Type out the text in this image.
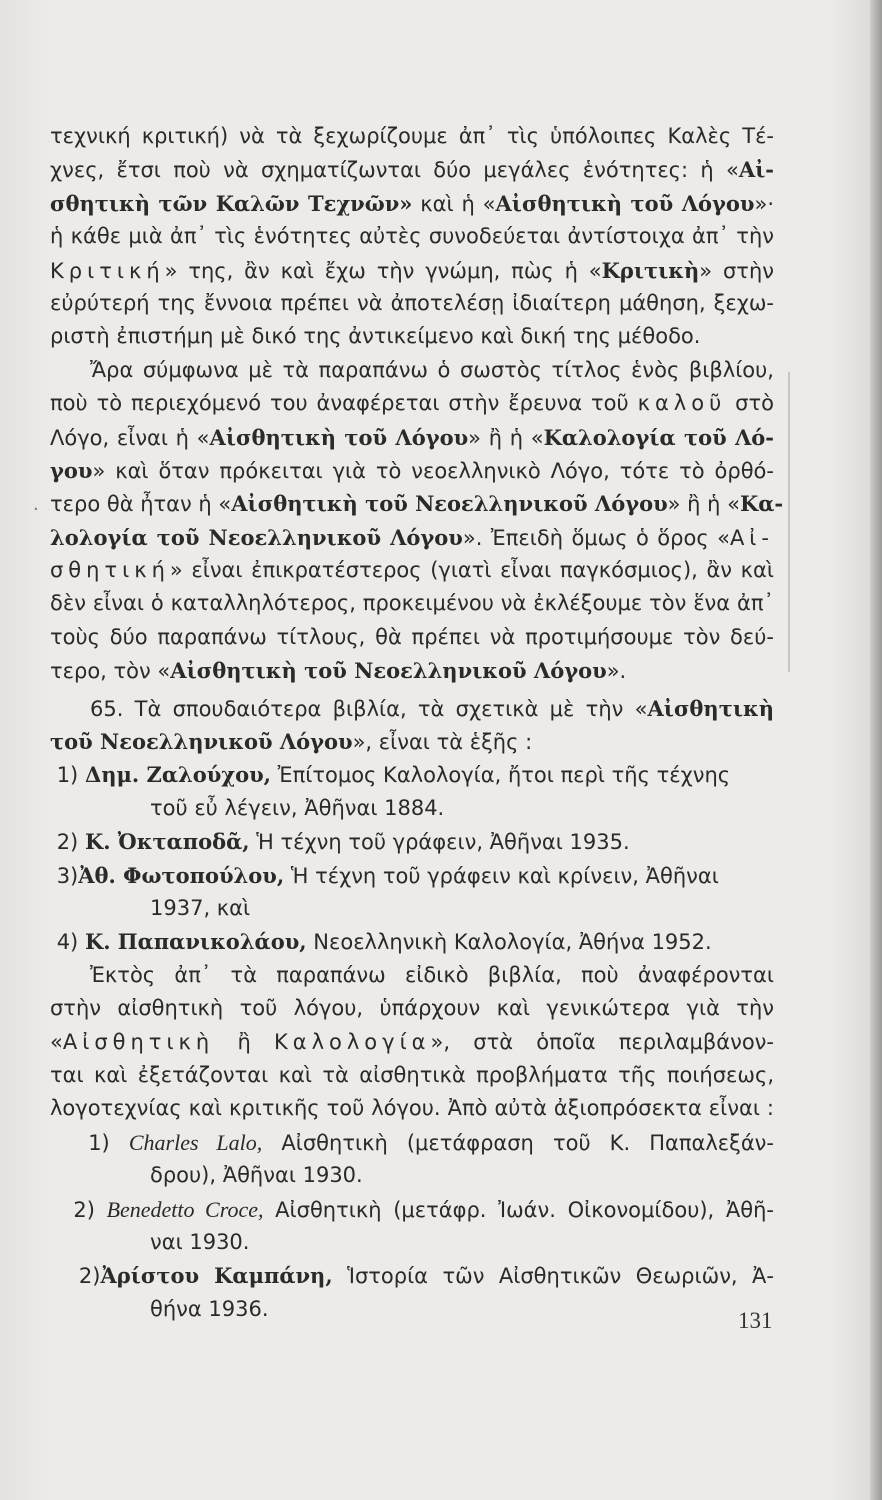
.
τεχνική κριτική) νὰ τὰ ξεχωρίζουμε ἀπ᾽ τὶς ὑπόλοιπες Καλὲς Τέ-
χνες, ἔτσι ποὺ νὰ σχηματίζωνται δύο μεγάλες ἑνότητες: ἡ «Αἰ-
σθητικὴ τῶν Καλῶν Τεχνῶν» καὶ ἡ «Αἰσθητικὴ τοῦ Λόγου»·
ἡ κάθε μιὰ ἀπ᾽ τὶς ἑνότητες αὐτὲς συνοδεύεται ἀντίστοιχα ἀπ᾽ τὴν
Κριτική» της, ἂν καὶ ἔχω τὴν γνώμη, πὼς ἡ «Κριτικὴ» στὴν
εὐρύτερή της ἔννοια πρέπει νὰ ἀποτελέσῃ ἰδιαίτερη μάθηση, ξεχω-
ριστὴ ἐπιστήμη μὲ δικό της ἀντικείμενο καὶ δική της μέθοδο.
Ἄρα σύμφωνα μὲ τὰ παραπάνω ὁ σωστὸς τίτλος ἑνὸς βιβλίου,
ποὺ τὸ περιεχόμενό του ἀναφέρεται στὴν ἔρευνα τοῦ καλοῦ στὸ
Λόγο, εἶναι ἡ «Αἰσθητικὴ τοῦ Λόγου» ἢ ἡ «Καλολογία τοῦ Λό-
γου» καὶ ὅταν πρόκειται γιὰ τὸ νεοελληνικὸ Λόγο, τότε τὸ ὀρθό-
τερο θὰ ἦταν ἡ «Αἰσθητικὴ τοῦ Νεοελληνικοῦ Λόγου» ἢ ἡ «Κα-
λολογία τοῦ Νεοελληνικοῦ Λόγου». Ἐπειδὴ ὅμως ὁ ὅρος «Αἰ-
σθητική» εἶναι ἐπικρατέστερος (γιατὶ εἶναι παγκόσμιος), ἂν καὶ
δὲν εἶναι ὁ καταλληλότερος, προκειμένου νὰ ἐκλέξουμε τὸν ἕνα ἀπ᾽
τοὺς δύο παραπάνω τίτλους, θὰ πρέπει νὰ προτιμήσουμε τὸν δεύ-
τερο, τὸν «Αἰσθητικὴ τοῦ Νεοελληνικοῦ Λόγου».
65. Τὰ σπουδαιότερα βιβλία, τὰ σχετικὰ μὲ τὴν «Αἰσθητικὴ
τοῦ Νεοελληνικοῦ Λόγου», εἶναι τὰ ἑξῆς :
1) Δημ. Ζαλούχου, Ἐπίτομος Καλολογία, ἤτοι περὶ τῆς τέχνης
τοῦ εὖ λέγειν, Ἀθῆναι 1884.
2) Κ. Ὀκταποδᾶ, Ἡ τέχνη τοῦ γράφειν, Ἀθῆναι 1935.
3)Ἀθ. Φωτοπούλου, Ἡ τέχνη τοῦ γράφειν καὶ κρίνειν, Ἀθῆναι
1937, καὶ
4) Κ. Παπανικολάου, Νεοελληνικὴ Καλολογία, Ἀθήνα 1952.
Ἐκτὸς ἀπ᾽ τὰ παραπάνω εἰδικὸ βιβλία, ποὺ ἀναφέρονται
στὴν αἰσθητικὴ τοῦ λόγου, ὑπάρχουν καὶ γενικώτερα γιὰ τὴν
«Αἰσθητικὴ ἢ Καλολογία», στὰ ὁποῖα περιλαμβάνον-
ται καὶ ἐξετάζονται καὶ τὰ αἰσθητικὰ προβλήματα τῆς ποιήσεως,
λογοτεχνίας καὶ κριτικῆς τοῦ λόγου. Ἀπὸ αὐτὰ ἀξιοπρόσεκτα εἶναι :
1) Charles Lalo, Αἰσθητικὴ (μετάφραση τοῦ Κ. Παπαλεξάν-
δρου), Ἀθῆναι 1930.
2) Benedetto Croce, Αἰσθητικὴ (μετάφρ. Ἰωάν. Οἰκονομίδου), Ἀθῆ-
ναι 1930.
2)Ἀρίστου Καμπάνη, Ἱστορία τῶν Αἰσθητικῶν Θεωριῶν, Ἀ-
θήνα 1936.	131
